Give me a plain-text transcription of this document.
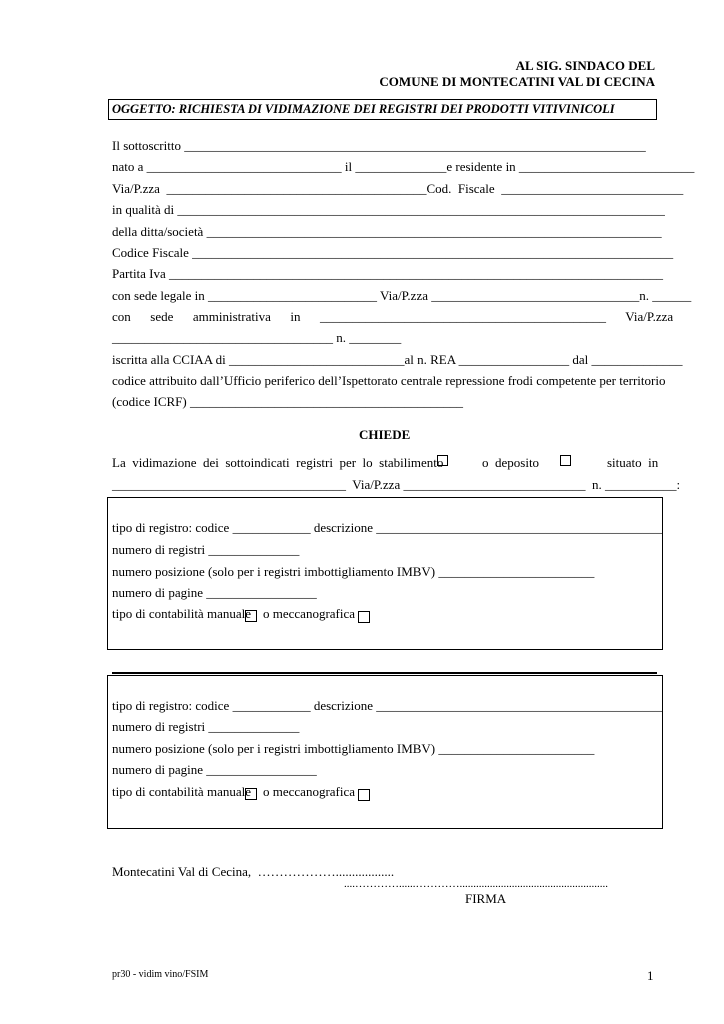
AL SIG. SINDACO DEL
COMUNE DI MONTECATINI VAL DI CECINA
OGGETTO: RICHIESTA DI VIDIMAZIONE DEI REGISTRI DEI PRODOTTI VITIVINICOLI
Il sottoscritto _______________________________________________________________________
nato a ______________________________ il ______________e residente in ___________________________
Via/P.zza  ________________________________________Cod.  Fiscale  ____________________________
in qualità di ___________________________________________________________________________
della ditta/società ______________________________________________________________________
Codice Fiscale __________________________________________________________________________
Partita Iva ____________________________________________________________________________
con sede legale in __________________________ Via/P.zza ________________________________n. ______
con      sede      amministrativa      in      ____________________________________________      Via/P.zza
__________________________________ n. ________
iscritta alla CCIAA di ___________________________al n. REA _________________ dal ______________
codice attribuito dall’Ufficio periferico dell’Ispettorato centrale repressione frodi competente per territorio
(codice ICRF) __________________________________________
CHIEDE
La  vidimazione  dei  sottoindicati  registri  per  lo  stabilimento	o  deposito	situato  in
____________________________________  Via/P.zza ____________________________  n. ___________:
tipo di registro: codice ____________ descrizione ____________________________________________
numero di registri ______________
numero posizione (solo per i registri imbottigliamento IMBV) ________________________
numero di pagine _________________
tipo di contabilità manuale o meccanografica
tipo di registro: codice ____________ descrizione ____________________________________________
numero di registri ______________
numero posizione (solo per i registri imbottigliamento IMBV) ________________________
numero di pagine _________________
tipo di contabilità manuale o meccanografica
Montecatini Val di Cecina,  ………………..................
....…………......…………......................................................
FIRMA
pr30 - vidim vino/FSIM	1
